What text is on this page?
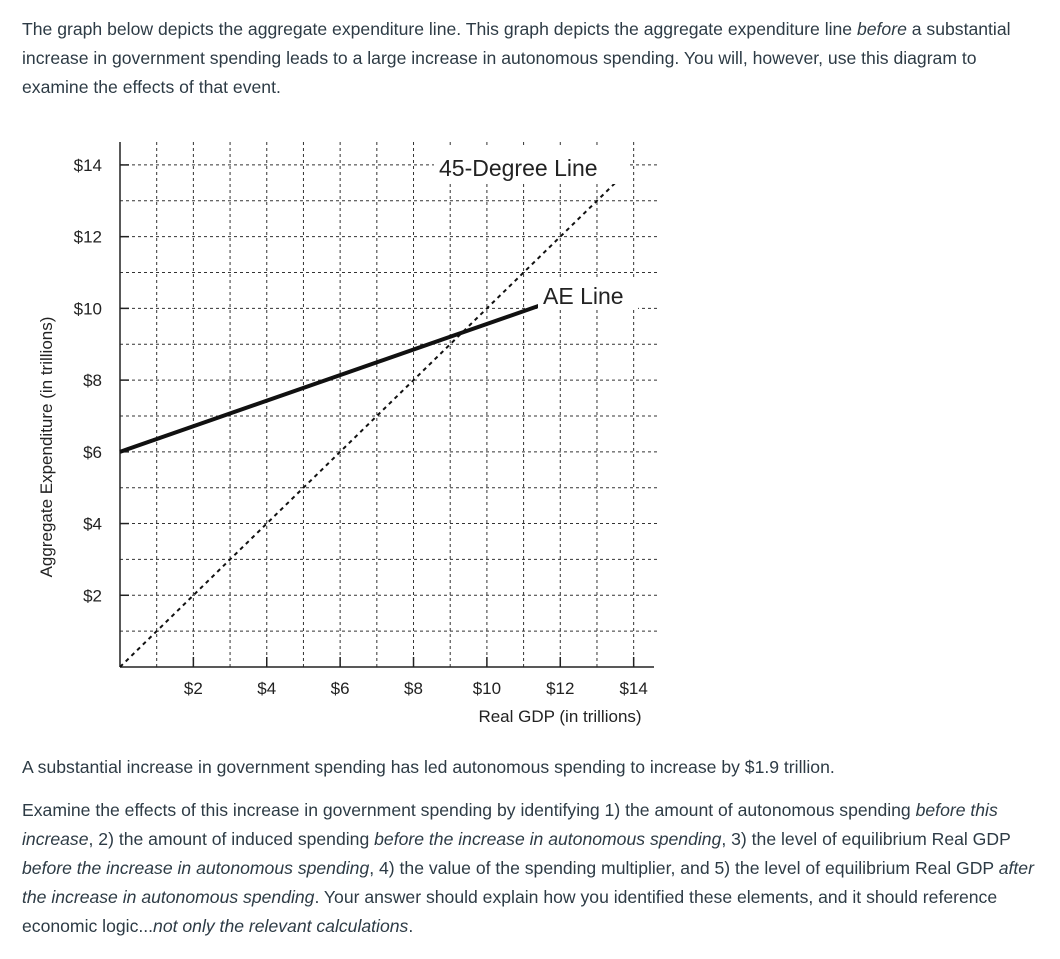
The graph below depicts the aggregate expenditure line. This graph depicts the aggregate expenditure line before a substantial increase in government spending leads to a large increase in autonomous spending. You will, however, use this diagram to examine the effects of that event.

$2	$4	$6	$8	$10	$12	$14
$2
$4
$6
$8
$10
$12
$14
Real GDP (in trillions)
Aggregate Expenditure (in trillions)
45-Degree Line
AE Line

A substantial increase in government spending has led autonomous spending to increase by $1.9 trillion.

Examine the effects of this increase in government spending by identifying 1) the amount of autonomous spending before this increase, 2) the amount of induced spending before the increase in autonomous spending, 3) the level of equilibrium Real GDP before the increase in autonomous spending, 4) the value of the spending multiplier, and 5) the level of equilibrium Real GDP after the increase in autonomous spending. Your answer should explain how you identified these elements, and it should reference economic logic...not only the relevant calculations.
